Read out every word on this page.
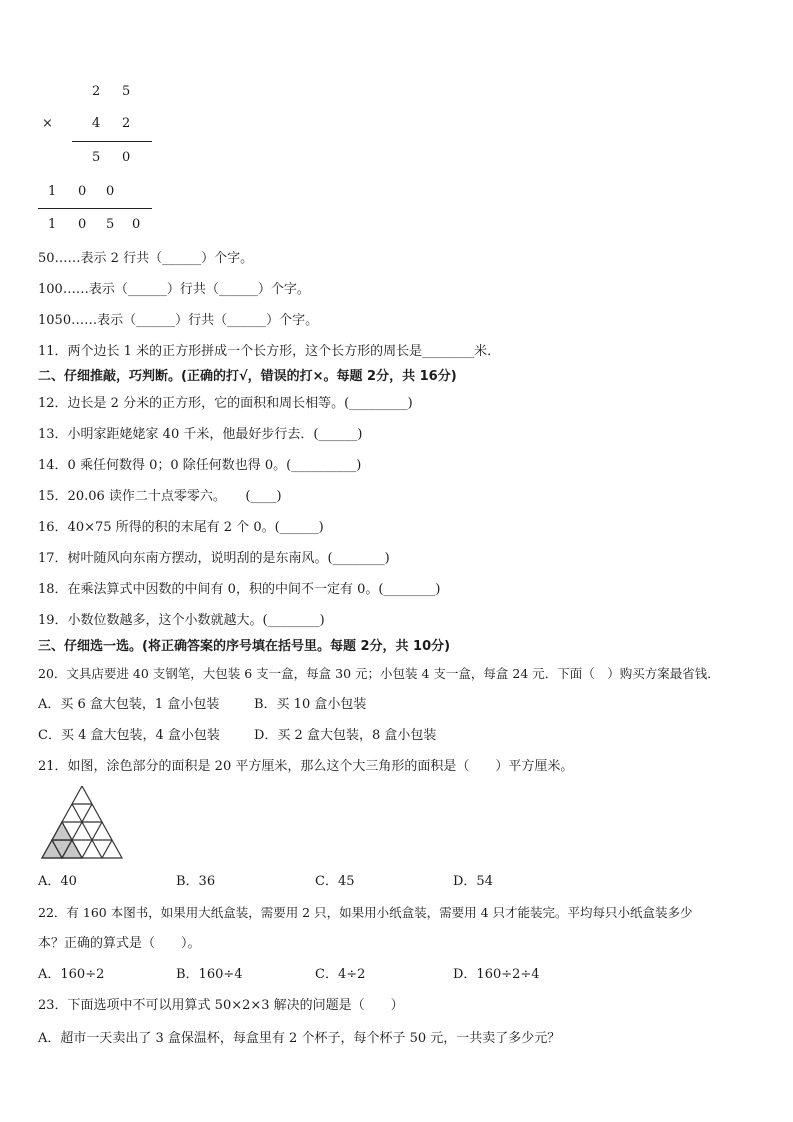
2 5
×	4 2
5 0
1 0 0
1 0 5 0
50……表示 2 行共（______）个字。
100……表示（______）行共（______）个字。
1050……表示（______）行共（______）个字。
11．两个边长 1 米的正方形拼成一个长方形，这个长方形的周长是________米．
二、仔细推敲，巧判断。(正确的打√，错误的打×。每题 2分，共 16分)
12．边长是 2 分米的正方形，它的面积和周长相等。(_________)
13．小明家距姥姥家 40 千米，他最好步行去．(______)
14．0 乘任何数得 0；0 除任何数也得 0。(__________)
15．20.06 读作二十点零零六。　　(____)
16．40×75 所得的积的末尾有 2 个 0。(______)
17．树叶随风向东南方摆动，说明刮的是东南风。(________)
18．在乘法算式中因数的中间有 0，积的中间不一定有 0。(________)
19．小数位数越多，这个小数就越大。(________)
三、仔细选一选。(将正确答案的序号填在括号里。每题 2分，共 10分)
20．文具店要进 40 支钢笔，大包装 6 支一盒，每盒 30 元；小包装 4 支一盒，每盒 24 元．下面（　）购买方案最省钱．
A．买 6 盒大包装，1 盒小包装	B．买 10 盒小包装
C．买 4 盒大包装，4 盒小包装	D．买 2 盒大包装，8 盒小包装
21．如图，涂色部分的面积是 20 平方厘米，那么这个大三角形的面积是（　　）平方厘米。
A．40	B．36	C．45	D．54
22．有 160 本图书，如果用大纸盒装，需要用 2 只，如果用小纸盒装，需要用 4 只才能装完。平均每只小纸盒装多少
本？正确的算式是（　　）。
A．160÷2	B．160÷4	C．4÷2	D．160÷2÷4
23．下面选项中不可以用算式 50×2×3 解决的问题是（　　）
A．超市一天卖出了 3 盒保温杯，每盒里有 2 个杯子，每个杯子 50 元，一共卖了多少元？
